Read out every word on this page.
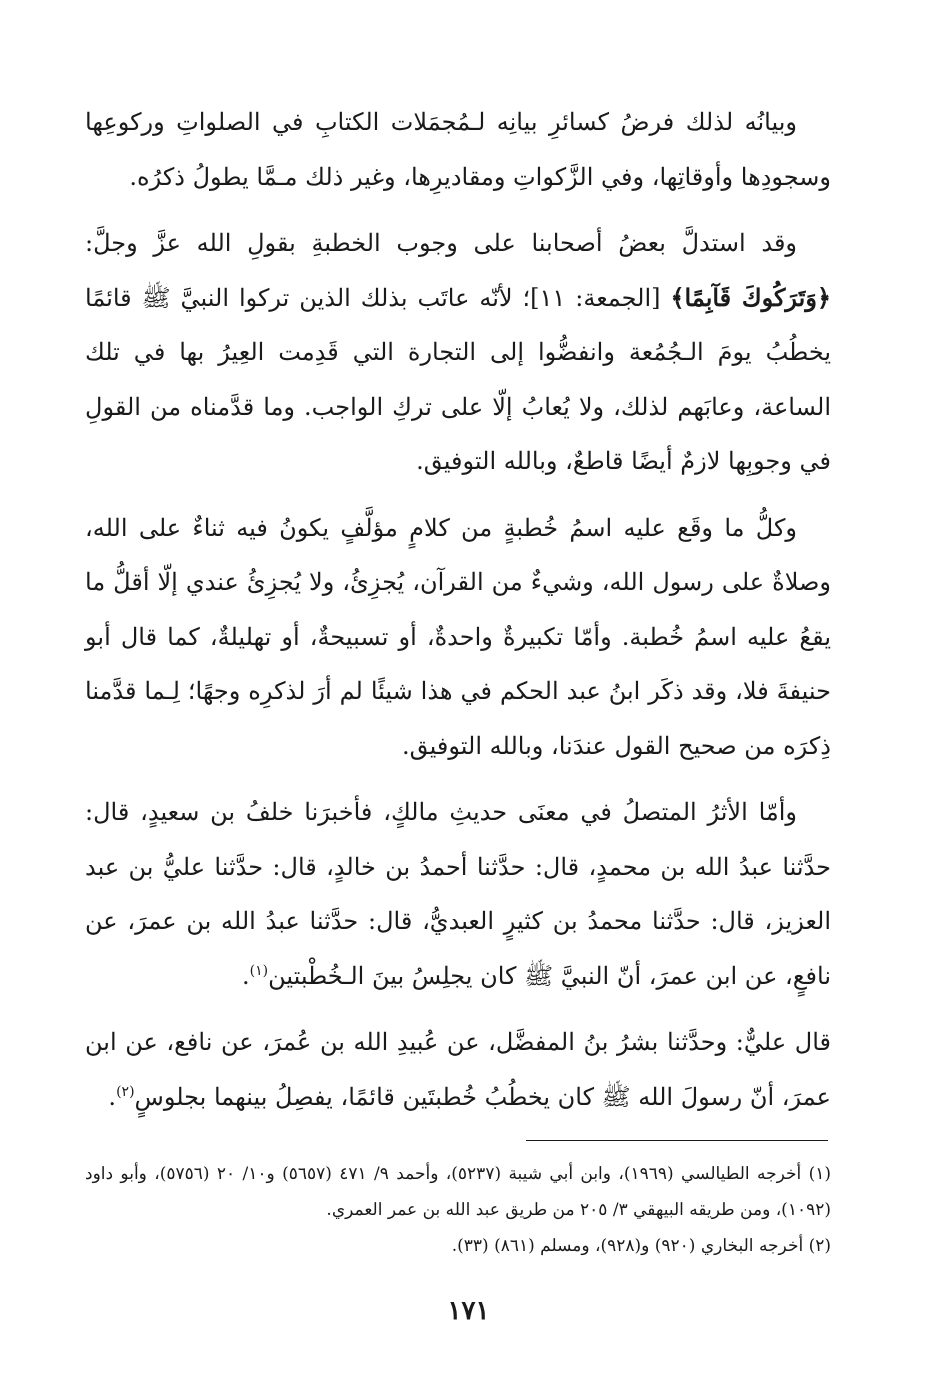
وبيانُه لذلك فرضُ كسائرِ بيانِه لـمُجمَلات الكتابِ في الصلواتِ وركوعِها وسجودِها وأوقاتِها، وفي الزَّكواتِ ومقاديرِها، وغير ذلك مـمَّا يطولُ ذكرُه.

وقد استدلَّ بعضُ أصحابنا على وجوب الخطبةِ بقولِ الله عزَّ وجلَّ: ﴿وَتَرَكُوكَ قَآبِمًا﴾ [الجمعة: ١١]؛ لأنّه عاتَب بذلك الذين تركوا النبيَّ ﷺ قائمًا يخطُبُ يومَ الـجُمُعة وانفضُّوا إلى التجارة التي قَدِمت العِيرُ بها في تلك الساعة، وعابَهم لذلك، ولا يُعابُ إلّا على تركِ الواجب. وما قدَّمناه من القولِ في وجوبِها لازمٌ أيضًا قاطعٌ، وبالله التوفيق.

وكلُّ ما وقَع عليه اسمُ خُطبةٍ من كلامٍ مؤلَّفٍ يكونُ فيه ثناءٌ على الله، وصلاةٌ على رسول الله، وشيءٌ من القرآن، يُجزِئُ، ولا يُجزِئُ عندي إلّا أقلُّ ما يقعُ عليه اسمُ خُطبة. وأمّا تكبيرةٌ واحدةٌ، أو تسبيحةٌ، أو تهليلةٌ، كما قال أبو حنيفةَ فلا، وقد ذكَر ابنُ عبد الحكم في هذا شيئًا لم أرَ لذكرِه وجهًا؛ لِـما قدَّمنا ذِكرَه من صحيح القول عندَنا، وبالله التوفيق.

وأمّا الأثرُ المتصلُ في معنَى حديثِ مالكٍ، فأخبرَنا خلفُ بن سعيدٍ، قال: حدَّثنا عبدُ الله بن محمدٍ، قال: حدَّثنا أحمدُ بن خالدٍ، قال: حدَّثنا عليُّ بن عبد العزيز، قال: حدَّثنا محمدُ بن كثيرٍ العبديُّ، قال: حدَّثنا عبدُ الله بن عمرَ، عن نافعٍ، عن ابن عمرَ، أنّ النبيَّ ﷺ كان يجلِسُ بينَ الـخُطْبتين$^{(١)}$.

قال عليٌّ: وحدَّثنا بشرُ بنُ المفضَّل، عن عُبيدِ الله بن عُمرَ، عن نافع، عن ابن عمرَ، أنّ رسولَ الله ﷺ كان يخطُبُ خُطبتَين قائمًا، يفصِلُ بينهما بجلوسٍ$^{(٢)}$.

(١) أخرجه الطيالسي (١٩٦٩)، وابن أبي شيبة (٥٢٣٧)، وأحمد ٩/ ٤٧١ (٥٦٥٧) و١٠/ ٢٠ (٥٧٥٦)، وأبو داود (١٠٩٢)، ومن طريقه البيهقي ٣/ ٢٠٥ من طريق عبد الله بن عمر العمري.

(٢) أخرجه البخاري (٩٢٠) و(٩٢٨)، ومسلم (٨٦١) (٣٣).

١٧١
